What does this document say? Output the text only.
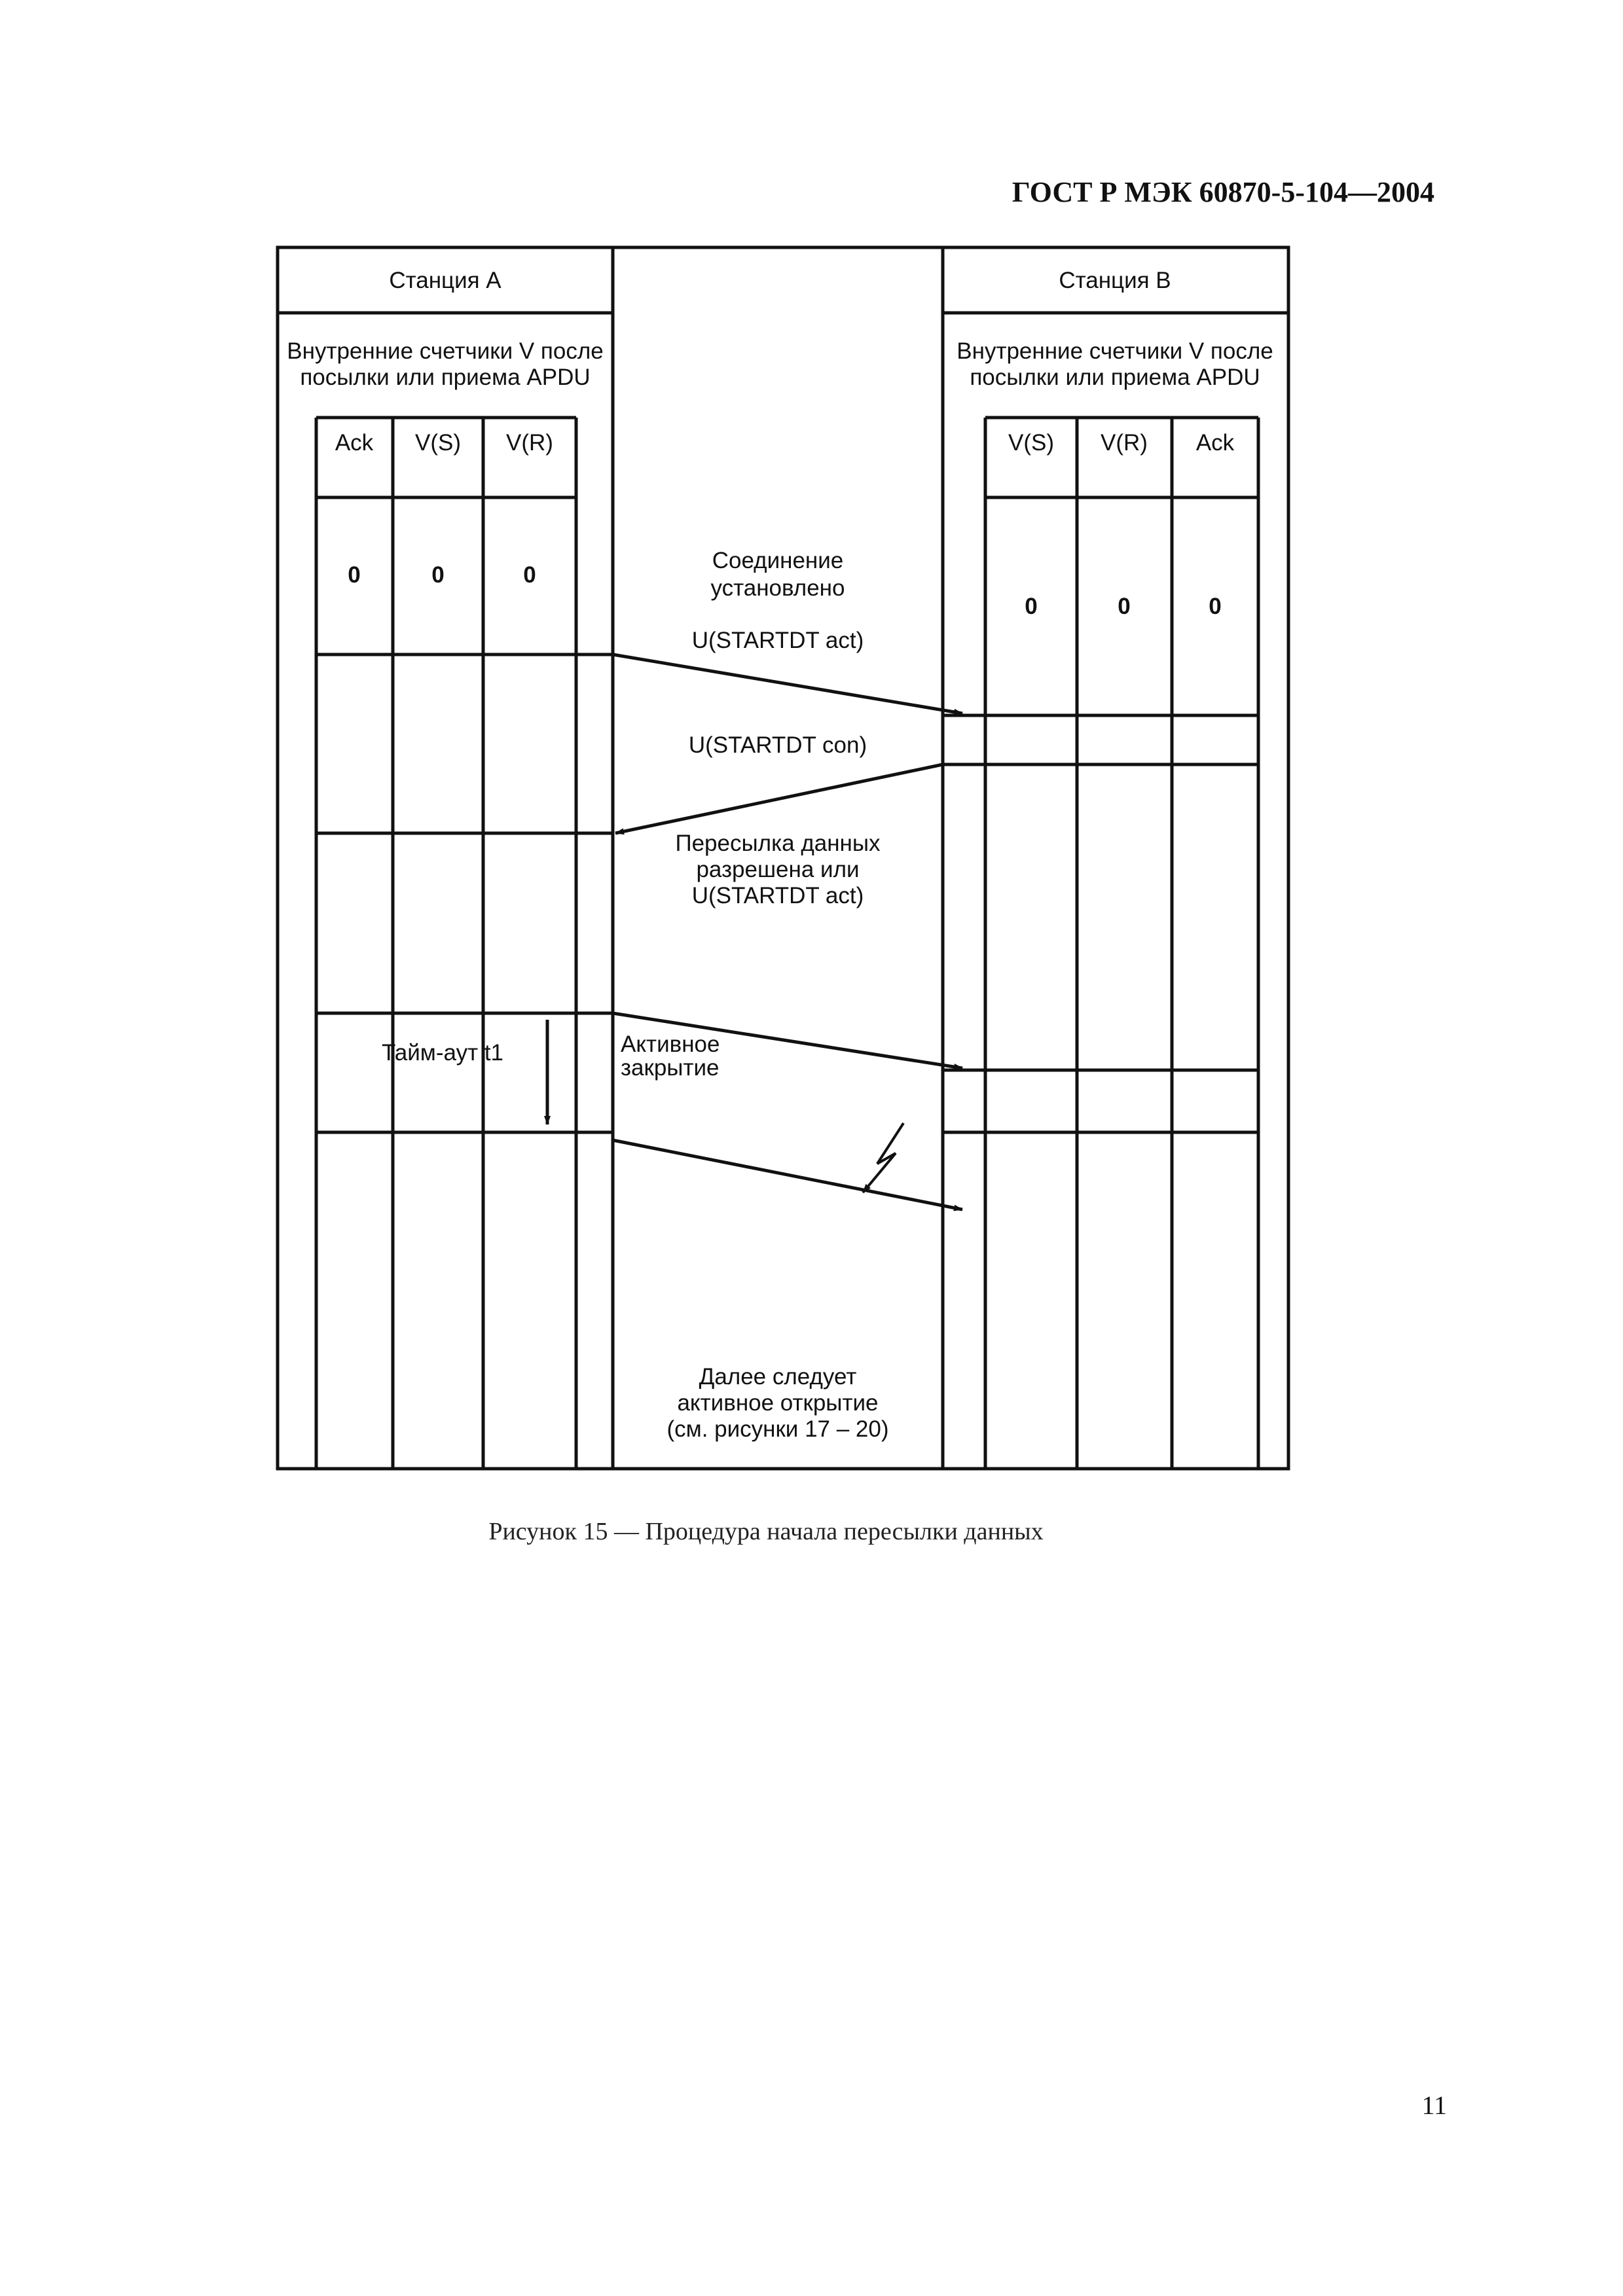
ГОСТ Р МЭК 60870-5-104—2004
Станция A
Внутренние счетчики V после
посылки или приема APDU
Ack V(S) V(R)
0	0	0
Тайм-аут t1
Станция B
Внутренние счетчики V после
посылки или приема APDU
V(S) V(R) Ack
0	0	0
Соединение
установлено
U(STARTDT act)
U(STARTDT con)
Пересылка данных
разрешена или
U(STARTDT act)
Активное
закрытие
Далее следует
активное открытие
(см. рисунки 17 – 20)
Рисунок 15 — Процедура начала пересылки данных
11
